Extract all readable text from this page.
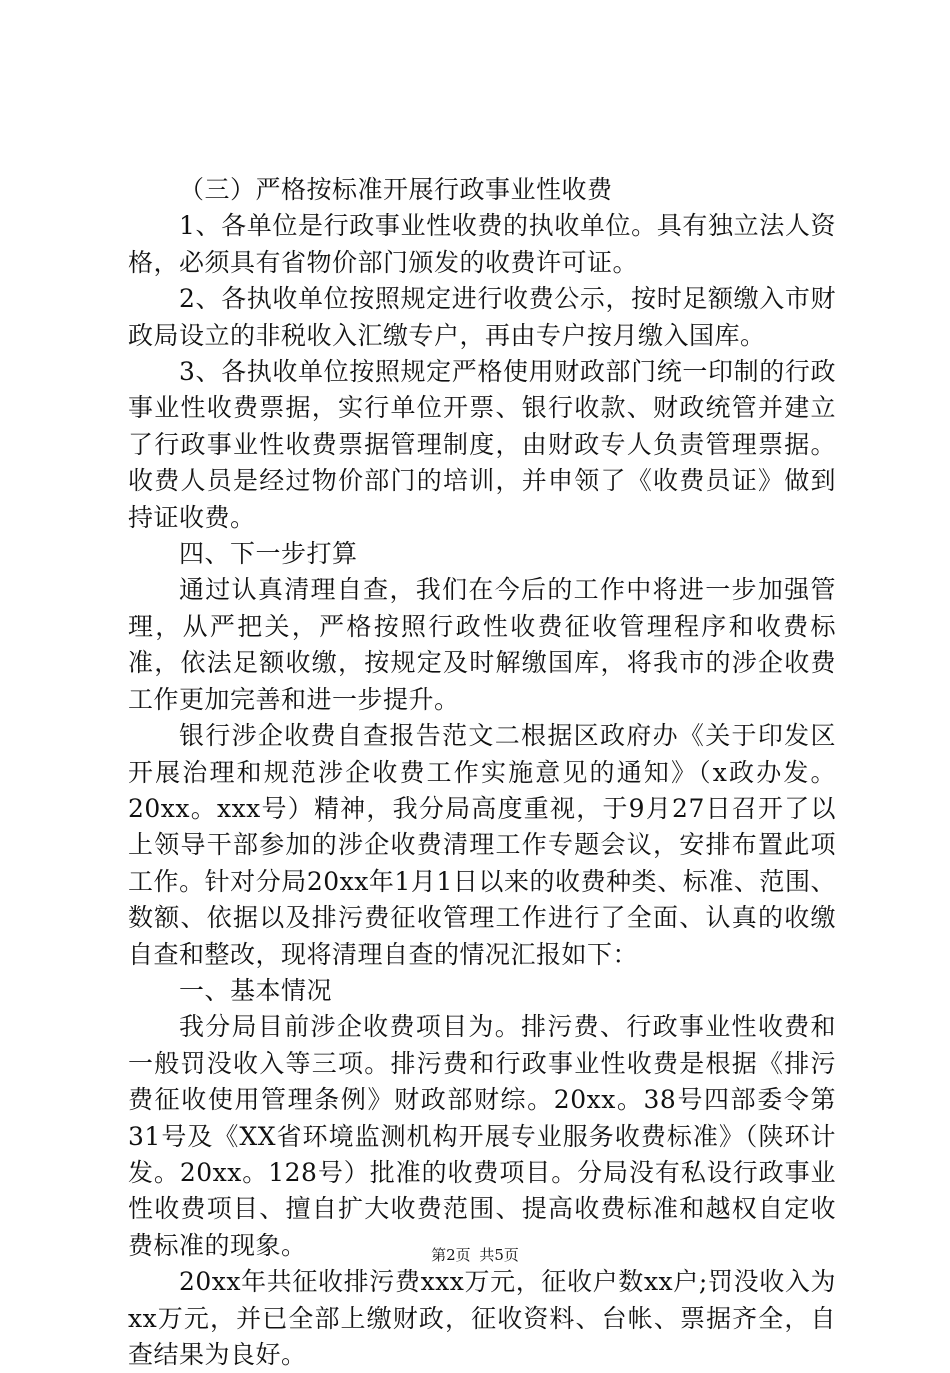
（三）严格按标准开展行政事业性收费

1、各单位是行政事业性收费的执收单位。具有独立法人资格，必须具有省物价部门颁发的收费许可证。

2、各执收单位按照规定进行收费公示，按时足额缴入市财政局设立的非税收入汇缴专户，再由专户按月缴入国库。

3、各执收单位按照规定严格使用财政部门统一印制的行政事业性收费票据，实行单位开票、银行收款、财政统管并建立了行政事业性收费票据管理制度，由财政专人负责管理票据。收费人员是经过物价部门的培训，并申领了《收费员证》做到持证收费。

四、下一步打算

通过认真清理自查，我们在今后的工作中将进一步加强管理，从严把关，严格按照行政性收费征收管理程序和收费标准，依法足额收缴，按规定及时解缴国库，将我市的涉企收费工作更加完善和进一步提升。

银行涉企收费自查报告范文二根据区政府办《关于印发区开展治理和规范涉企收费工作实施意见的通知》（x政办发。20xx。xxx号）精神，我分局高度重视，于9月27日召开了以上领导干部参加的涉企收费清理工作专题会议，安排布置此项工作。针对分局20xx年1月1日以来的收费种类、标准、范围、数额、依据以及排污费征收管理工作进行了全面、认真的收缴自查和整改，现将清理自查的情况汇报如下：

一、基本情况

我分局目前涉企收费项目为。排污费、行政事业性收费和一般罚没收入等三项。排污费和行政事业性收费是根据《排污费征收使用管理条例》财政部财综。20xx。38号四部委令第31号及《XX省环境监测机构开展专业服务收费标准》（陕环计发。20xx。128号）批准的收费项目。分局没有私设行政事业性收费项目、擅自扩大收费范围、提高收费标准和越权自定收费标准的现象。

20xx年共征收排污费xxx万元，征收户数xx户;罚没收入为xx万元，并已全部上缴财政，征收资料、台帐、票据齐全，自查结果为良好。

第2页 共5页
